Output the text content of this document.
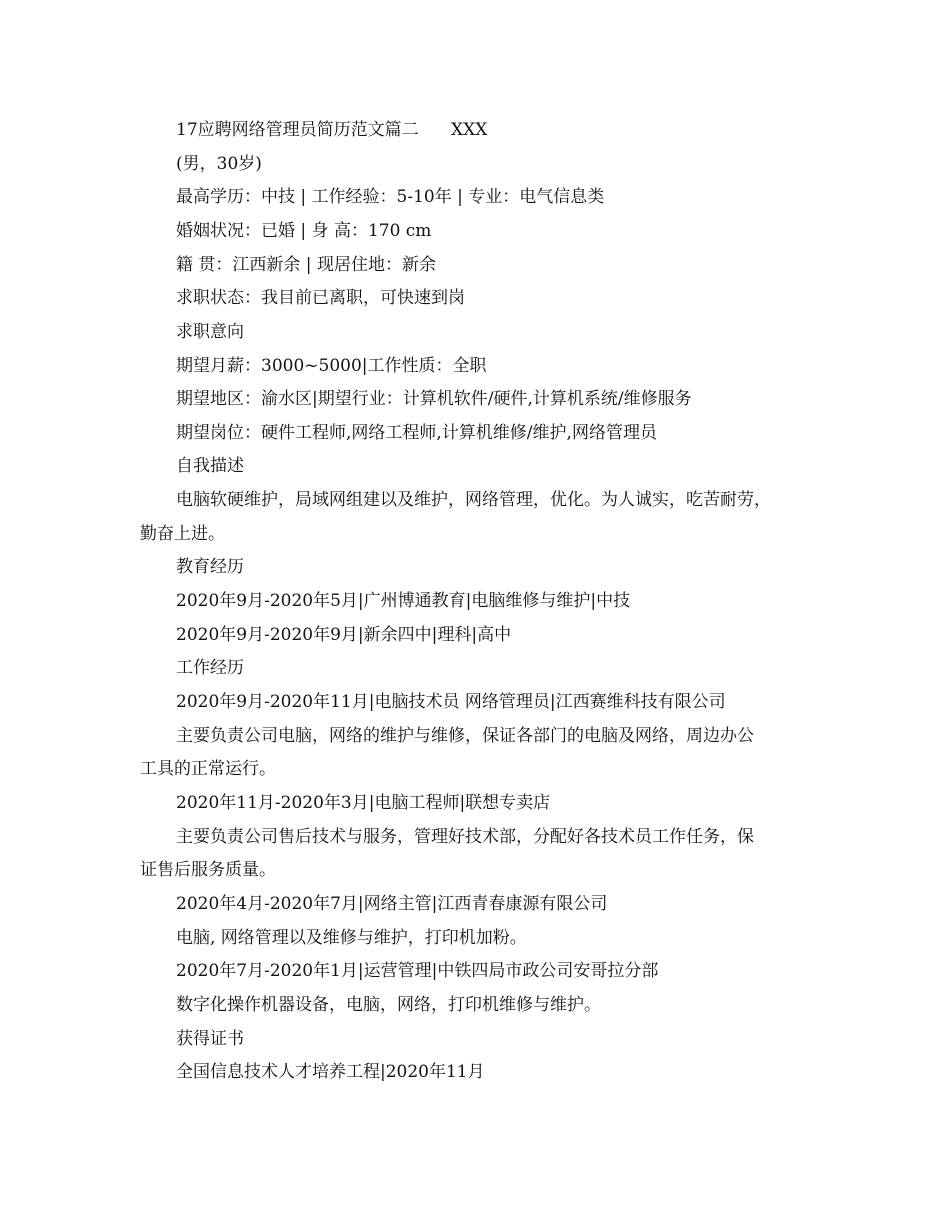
17应聘网络管理员简历范文篇二      XXX
(男，30岁)
最高学历：中技 | 工作经验：5-10年 | 专业：电气信息类
婚姻状况：已婚 | 身 高：170 cm
籍 贯：江西新余 | 现居住地：新余
求职状态：我目前已离职，可快速到岗
求职意向
期望月薪：3000~5000|工作性质：全职
期望地区：渝水区|期望行业：计算机软件/硬件,计算机系统/维修服务
期望岗位：硬件工程师,网络工程师,计算机维修/维护,网络管理员
自我描述
电脑软硬维护，局域网组建以及维护，网络管理，优化。为人诚实，吃苦耐劳，
勤奋上进。
教育经历
2020年9月-2020年5月|广州博通教育|电脑维修与维护|中技
2020年9月-2020年9月|新余四中|理科|高中
工作经历
2020年9月-2020年11月|电脑技术员 网络管理员|江西赛维科技有限公司
主要负责公司电脑，网络的维护与维修，保证各部门的电脑及网络，周边办公
工具的正常运行。
2020年11月-2020年3月|电脑工程师|联想专卖店
主要负责公司售后技术与服务，管理好技术部，分配好各技术员工作任务，保
证售后服务质量。
2020年4月-2020年7月|网络主管|江西青春康源有限公司
电脑, 网络管理以及维修与维护，打印机加粉。
2020年7月-2020年1月|运营管理|中铁四局市政公司安哥拉分部
数字化操作机器设备，电脑，网络，打印机维修与维护。
获得证书
全国信息技术人才培养工程|2020年11月
